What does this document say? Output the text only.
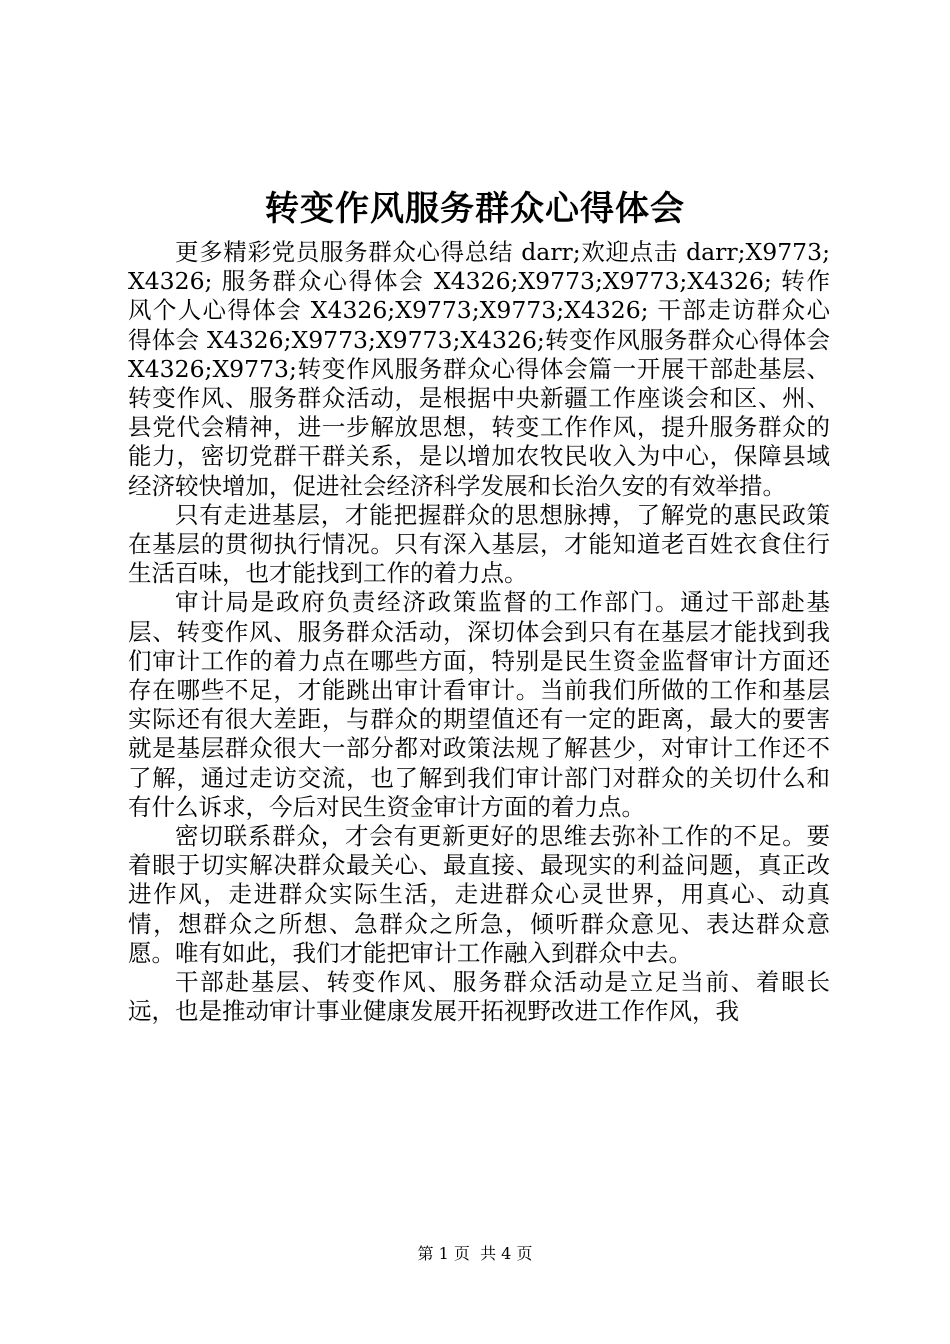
转变作风服务群众心得体会

更多精彩党员服务群众心得总结 darr;欢迎点击 darr;X9773;X4326; 服务群众心得体会 X4326;X9773;X9773;X4326; 转作风个人心得体会 X4326;X9773;X9773;X4326; 干部走访群众心得体会 X4326;X9773;X9773;X4326;转变作风服务群众心得体会 X4326;X9773;转变作风服务群众心得体会篇一开展干部赴基层、转变作风、服务群众活动，是根据中央新疆工作座谈会和区、州、县党代会精神，进一步解放思想，转变工作作风，提升服务群众的能力，密切党群干群关系，是以增加农牧民收入为中心，保障县域经济较快增加，促进社会经济科学发展和长治久安的有效举措。

只有走进基层，才能把握群众的思想脉搏，了解党的惠民政策在基层的贯彻执行情况。只有深入基层，才能知道老百姓衣食住行生活百味，也才能找到工作的着力点。

审计局是政府负责经济政策监督的工作部门。通过干部赴基层、转变作风、服务群众活动，深切体会到只有在基层才能找到我们审计工作的着力点在哪些方面，特别是民生资金监督审计方面还存在哪些不足，才能跳出审计看审计。当前我们所做的工作和基层实际还有很大差距，与群众的期望值还有一定的距离，最大的要害就是基层群众很大一部分都对政策法规了解甚少，对审计工作还不了解，通过走访交流，也了解到我们审计部门对群众的关切什么和有什么诉求，今后对民生资金审计方面的着力点。

密切联系群众，才会有更新更好的思维去弥补工作的不足。要着眼于切实解决群众最关心、最直接、最现实的利益问题，真正改进作风，走进群众实际生活，走进群众心灵世界，用真心、动真情，想群众之所想、急群众之所急，倾听群众意见、表达群众意愿。唯有如此，我们才能把审计工作融入到群众中去。

干部赴基层、转变作风、服务群众活动是立足当前、着眼长远，也是推动审计事业健康发展开拓视野改进工作作风，我

第 1 页 共 4 页
